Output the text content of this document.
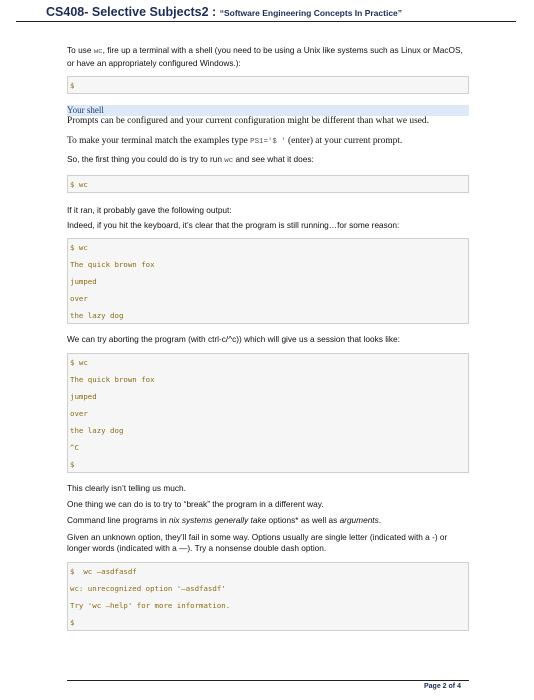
CS408- Selective Subjects2 : “Software Engineering Concepts In Practice”

To use wc, fire up a terminal with a shell (you need to be using a Unix like systems such as Linux or MacOS, or have an appropriately configured Windows.):

$
Your shell

Prompts can be configured and your current configuration might be different than what we used.

To make your terminal match the examples type PS1='$ ' (enter) at your current prompt.

So, the first thing you could do is try to run wc and see what it does:

$ wc

If it ran, it probably gave the following output:

Indeed, if you hit the keyboard, it’s clear that the program is still running…for some reason:

$ wc
The quick brown fox
jumped
over
the lazy dog

We can try aborting the program (with ctrl-c/^c)) which will give us a session that looks like:

$ wc
The quick brown fox
jumped
over
the lazy dog
^C
$

This clearly isn’t telling us much.

One thing we can do is to try to “break” the program in a different way.

Command line programs in nix systems generally take options* as well as arguments.

Given an unknown option, they’ll fail in some way. Options usually are single letter (indicated with a -) or longer words (indicated with a —). Try a nonsense double dash option.

$  wc —asdfasdf
wc: unrecognized option '—asdfasdf'
Try 'wc —help' for more information.
$
Page 2 of 4
